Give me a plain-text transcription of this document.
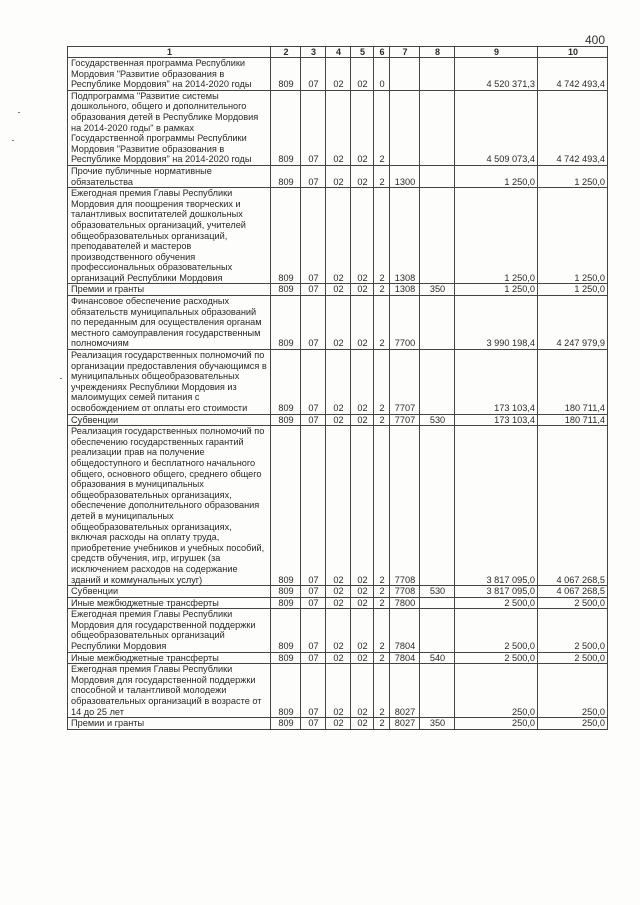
400
1	2	3	4	5	6	7	8	9	10
Государственная программа Республики Мордовия "Развитие образования в Республике Мордовия" на 2014-2020 годы	809	07	02	02	0			4 520 371,3	4 742 493,4
Подпрограмма "Развитие системы дошкольного, общего и дополнительного образования детей в Республике Мордовия на 2014-2020 годы" в рамках Государственной программы Республики Мордовия "Развитие образования в Республике Мордовия" на 2014-2020 годы	809	07	02	02	2			4 509 073,4	4 742 493,4
Прочие публичные нормативные обязательства	809	07	02	02	2	1300		1 250,0	1 250,0
Ежегодная премия Главы Республики Мордовия для поощрения творческих и талантливых воспитателей дошкольных образовательных организаций, учителей общеобразовательных организаций, преподавателей и мастеров производственного обучения профессиональных образовательных организаций Республики Мордовия	809	07	02	02	2	1308		1 250,0	1 250,0
Премии и гранты	809	07	02	02	2	1308	350	1 250,0	1 250,0
Финансовое обеспечение расходных обязательств муниципальных образований по переданным для осуществления органам местного самоуправления государственным полномочиям	809	07	02	02	2	7700		3 990 198,4	4 247 979,9
Реализация государственных полномочий по организации предоставления обучающимся в муниципальных общеобразовательных учреждениях Республики Мордовия из малоимущих семей питания с освобождением от оплаты его стоимости	809	07	02	02	2	7707		173 103,4	180 711,4
Субвенции	809	07	02	02	2	7707	530	173 103,4	180 711,4
Реализация государственных полномочий по обеспечению государственных гарантий реализации прав на получение общедоступного и бесплатного начального общего, основного общего, среднего общего образования в муниципальных общеобразовательных организациях, обеспечение дополнительного образования детей в муниципальных общеобразовательных организациях, включая расходы на оплату труда, приобретение учебников и учебных пособий, средств обучения, игр, игрушек (за исключением расходов на содержание зданий и коммунальных услуг)	809	07	02	02	2	7708		3 817 095,0	4 067 268,5
Субвенции	809	07	02	02	2	7708	530	3 817 095,0	4 067 268,5
Иные межбюджетные трансферты	809	07	02	02	2	7800		2 500,0	2 500,0
Ежегодная премия Главы Республики Мордовия для государственной поддержки общеобразовательных организаций Республики Мордовия	809	07	02	02	2	7804		2 500,0	2 500,0
Иные межбюджетные трансферты	809	07	02	02	2	7804	540	2 500,0	2 500,0
Ежегодная премия Главы Республики Мордовия для государственной поддержки способной и талантливой молодежи образовательных организаций в возрасте от 14 до 25 лет	809	07	02	02	2	8027		250,0	250,0
Премии и гранты	809	07	02	02	2	8027	350	250,0	250,0
